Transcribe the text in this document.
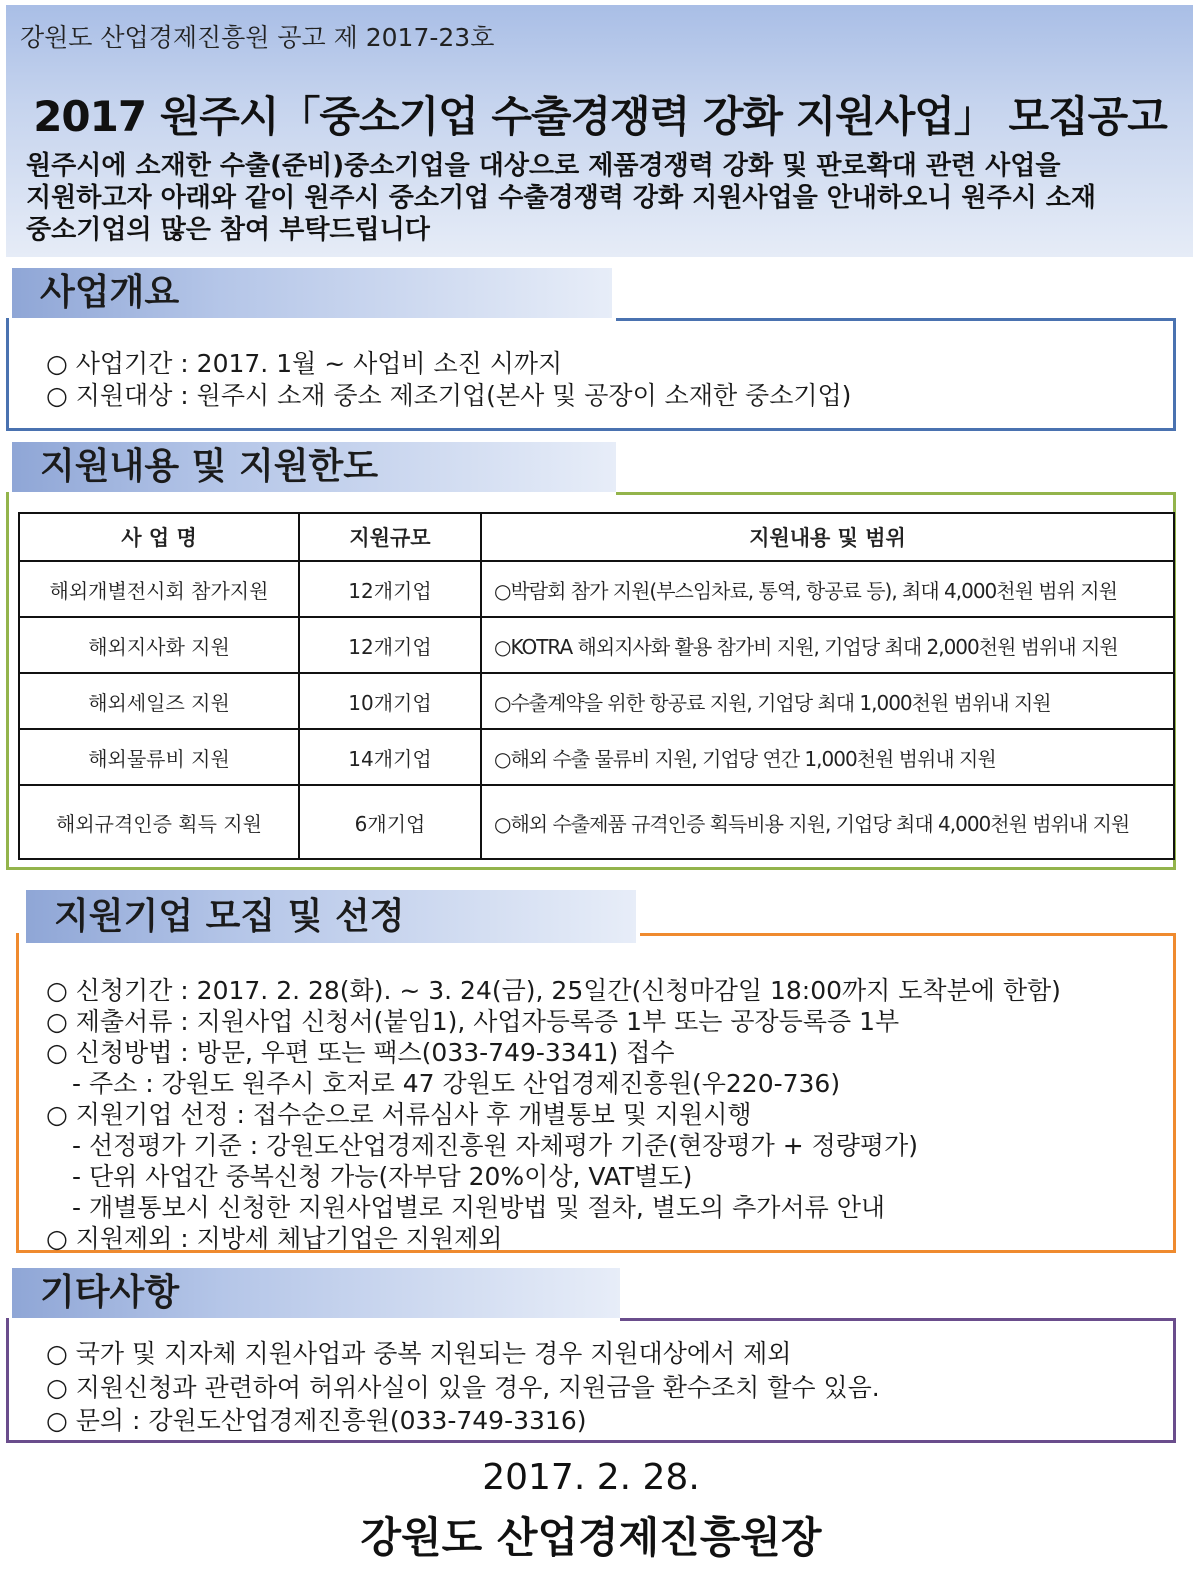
강원도 산업경제진흥원 공고 제 2017-23호
2017 원주시「중소기업 수출경쟁력 강화 지원사업」 모집공고
원주시에 소재한 수출(준비)중소기업을 대상으로 제품경쟁력 강화 및 판로확대 관련 사업을
지원하고자 아래와 같이 원주시 중소기업 수출경쟁력 강화 지원사업을 안내하오니 원주시 소재
중소기업의 많은 참여 부탁드립니다
사업개요
○ 사업기간 : 2017. 1월 ~ 사업비 소진 시까지
○ 지원대상 : 원주시 소재 중소 제조기업(본사 및 공장이 소재한 중소기업)
지원내용 및 지원한도
사 업 명	지원규모	지원내용 및 범위
해외개별전시회 참가지원	12개기업	○박람회 참가 지원(부스임차료, 통역, 항공료 등), 최대 4,000천원 범위 지원
해외지사화 지원	12개기업	○KOTRA 해외지사화 활용 참가비 지원, 기업당 최대 2,000천원 범위내 지원
해외세일즈 지원	10개기업	○수출계약을 위한 항공료 지원, 기업당 최대 1,000천원 범위내 지원
해외물류비 지원	14개기업	○해외 수출 물류비 지원, 기업당 연간 1,000천원 범위내 지원
해외규격인증 획득 지원	6개기업	○해외 수출제품 규격인증 획득비용 지원, 기업당 최대 4,000천원 범위내 지원
지원기업 모집 및 선정
○ 신청기간 : 2017. 2. 28(화). ~ 3. 24(금), 25일간(신청마감일 18:00까지 도착분에 한함)
○ 제출서류 : 지원사업 신청서(붙임1), 사업자등록증 1부 또는 공장등록증 1부
○ 신청방법 : 방문, 우편 또는 팩스(033-749-3341) 접수
- 주소 : 강원도 원주시 호저로 47 강원도 산업경제진흥원(우220-736)
○ 지원기업 선정 : 접수순으로 서류심사 후 개별통보 및 지원시행
- 선정평가 기준 : 강원도산업경제진흥원 자체평가 기준(현장평가 + 정량평가)
- 단위 사업간 중복신청 가능(자부담 20%이상, VAT별도)
- 개별통보시 신청한 지원사업별로 지원방법 및 절차, 별도의 추가서류 안내
○ 지원제외 : 지방세 체납기업은 지원제외
기타사항
○ 국가 및 지자체 지원사업과 중복 지원되는 경우 지원대상에서 제외
○ 지원신청과 관련하여 허위사실이 있을 경우, 지원금을 환수조치 할수 있음.
○ 문의 : 강원도산업경제진흥원(033-749-3316)
2017. 2. 28.
강원도 산업경제진흥원장
